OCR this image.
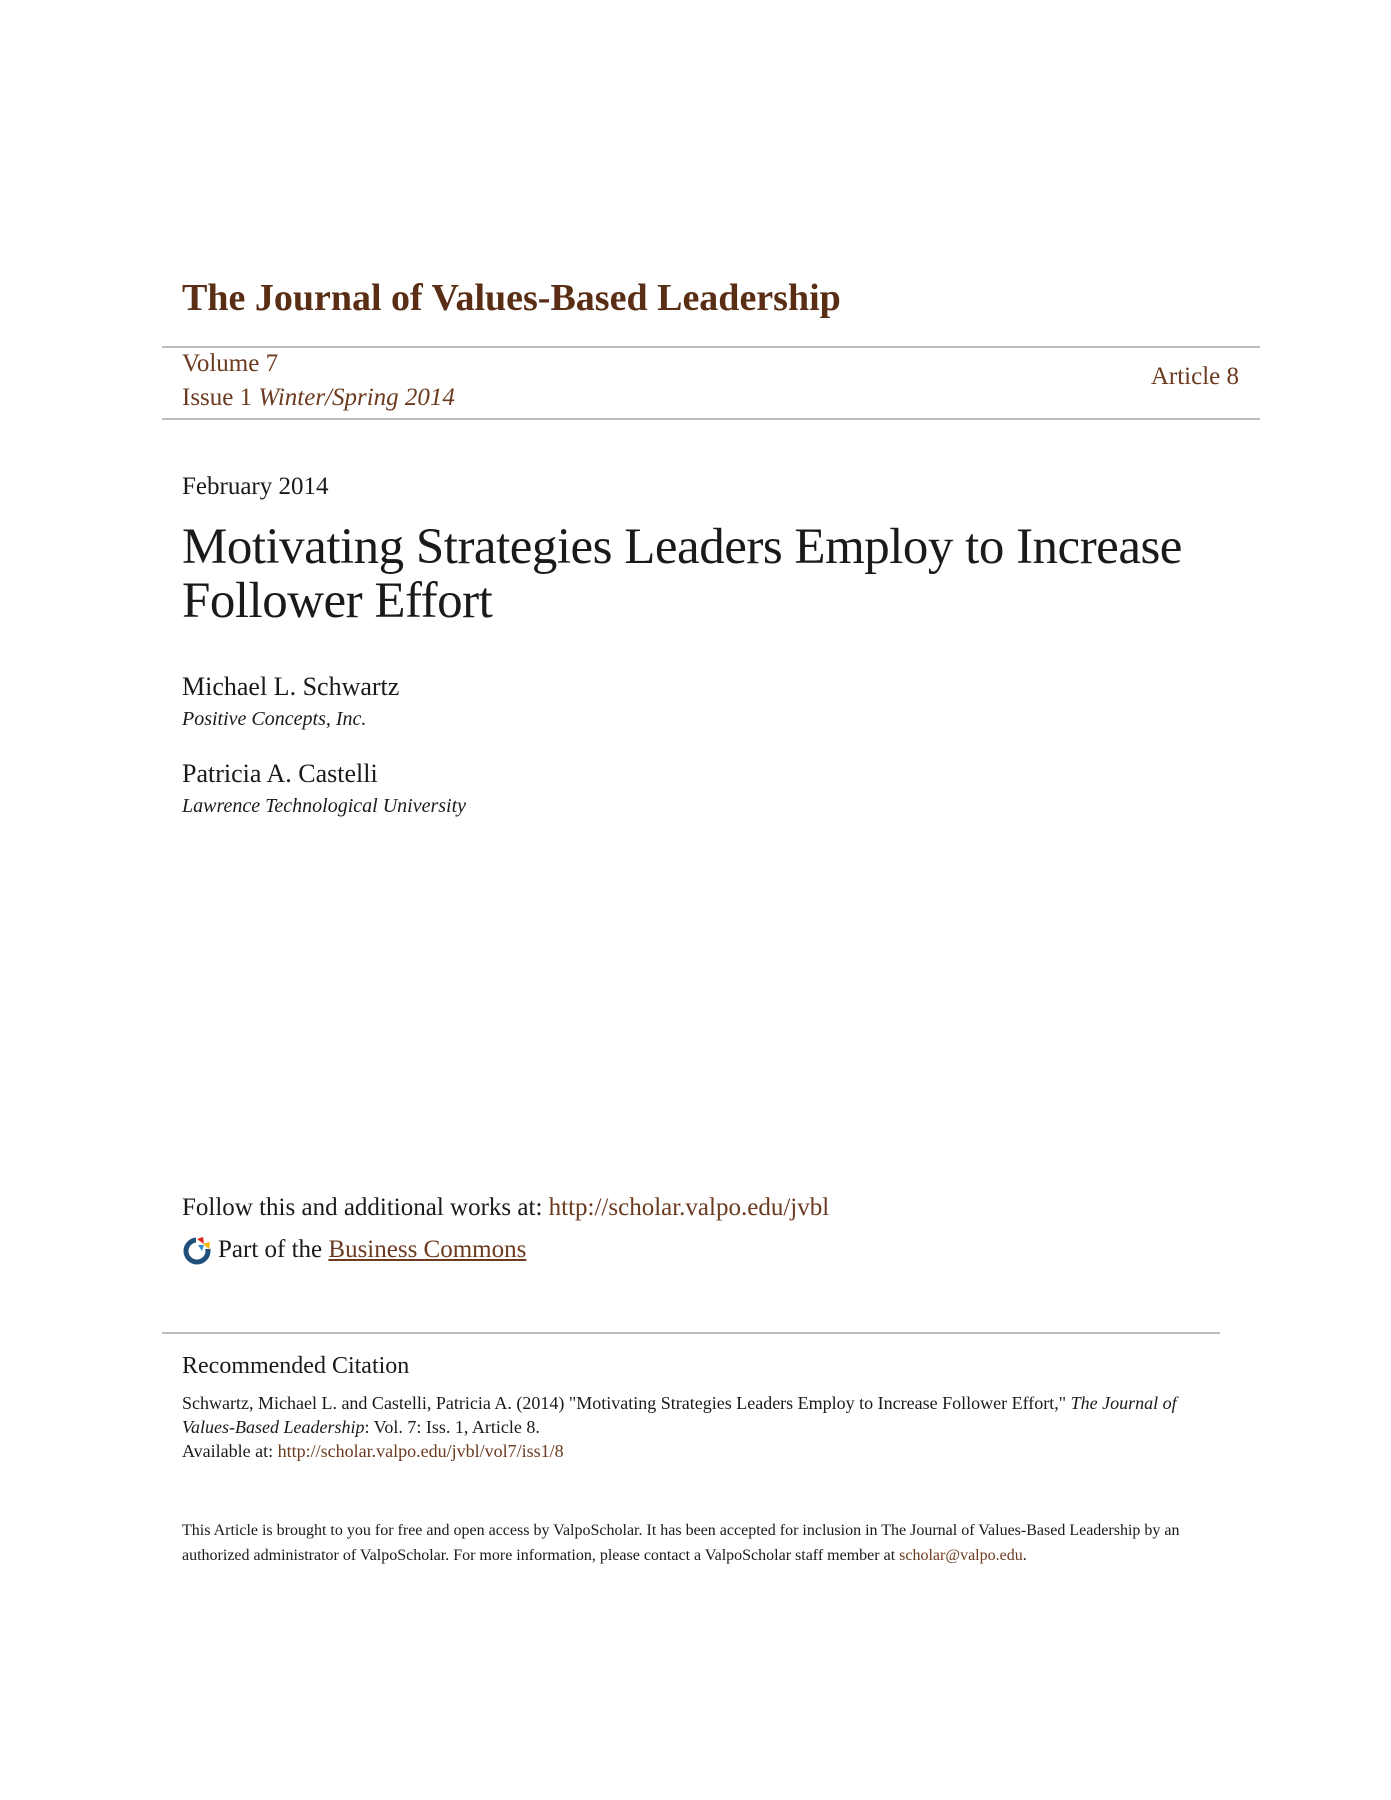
The Journal of Values-Based Leadership
Volume 7
Issue 1 Winter/Spring 2014
Article 8
February 2014
Motivating Strategies Leaders Employ to Increase Follower Effort
Michael L. Schwartz
Positive Concepts, Inc.
Patricia A. Castelli
Lawrence Technological University
Follow this and additional works at: http://scholar.valpo.edu/jvbl
Part of the
Business Commons
Recommended Citation
Schwartz, Michael L. and Castelli, Patricia A. (2014) "Motivating Strategies Leaders Employ to Increase Follower Effort," The Journal of Values-Based Leadership: Vol. 7: Iss. 1, Article 8.
Available at: http://scholar.valpo.edu/jvbl/vol7/iss1/8
This Article is brought to you for free and open access by ValpoScholar. It has been accepted for inclusion in The Journal of Values-Based Leadership by an authorized administrator of ValpoScholar. For more information, please contact a ValpoScholar staff member at scholar@valpo.edu.
